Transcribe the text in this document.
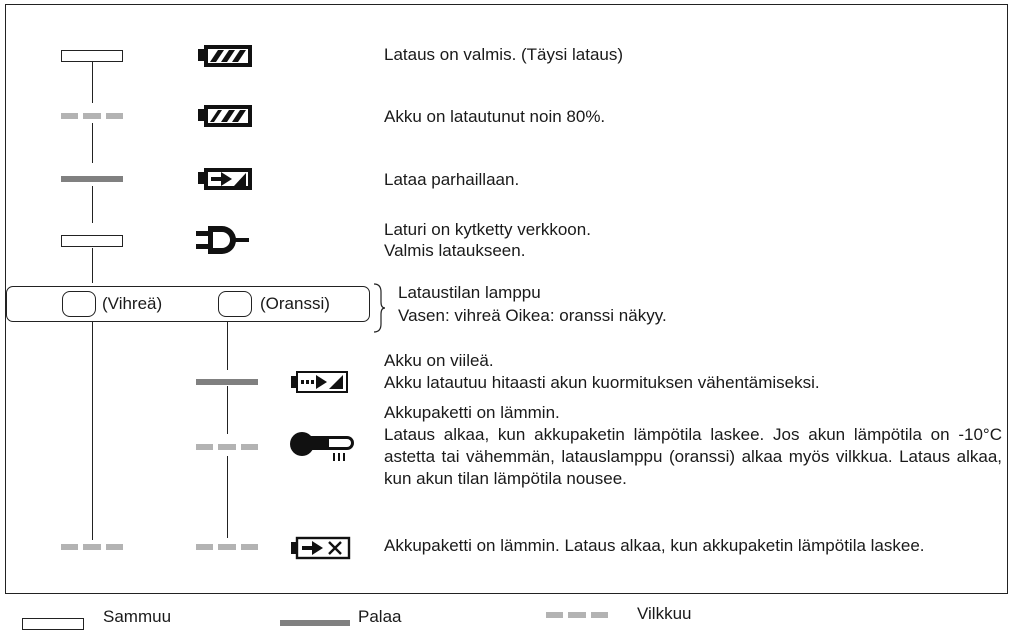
Lataus on valmis. (Täysi lataus)
Akku on latautunut noin 80%.
Lataa parhaillaan.
Laturi on kytketty verkkoon.
Valmis lataukseen.
(Vihreä)	(Oranssi)
Lataustilan lamppu
Vasen: vihreä Oikea: oranssi näkyy.
Akku on viileä.
Akku latautuu hitaasti akun kuormituksen vähentämiseksi.
Akkupaketti on lämmin.
Lataus alkaa, kun akkupaketin lämpötila laskee. Jos akun lämpötila on -10°C astetta tai vähemmän, latauslamppu (oranssi) alkaa myös vilkkua. Lataus alkaa, kun akun tilan lämpötila nousee.
Akkupaketti on lämmin. Lataus alkaa, kun akkupaketin lämpötila laskee.
Sammuu	Palaa	Vilkkuu
